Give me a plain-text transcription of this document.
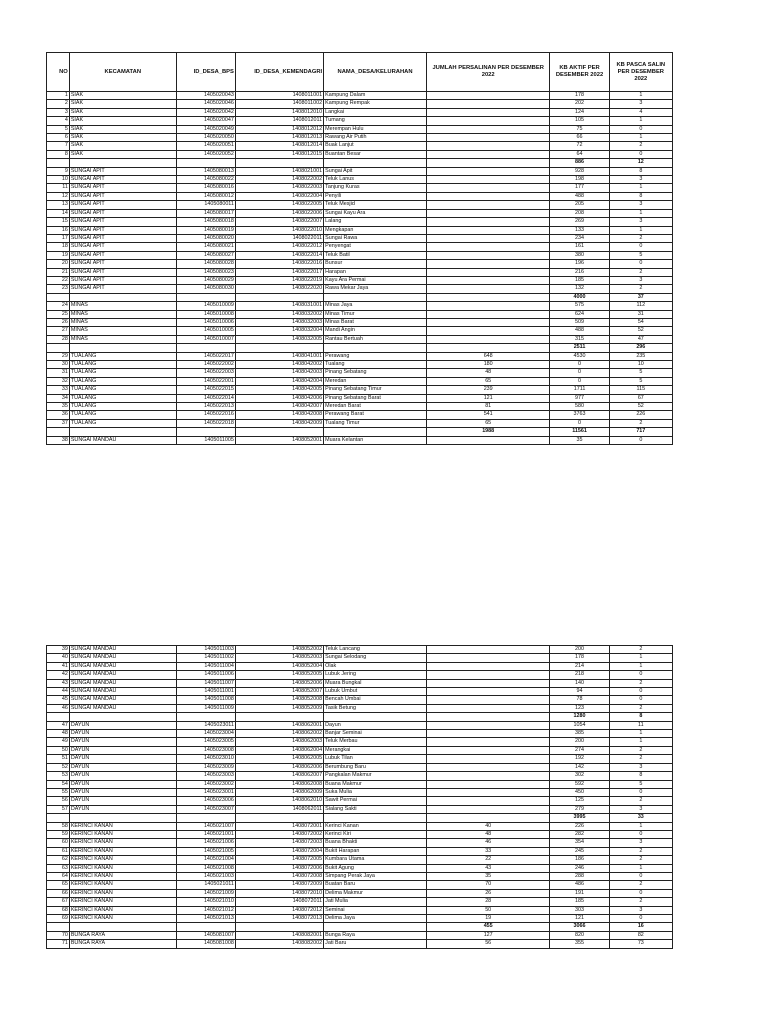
NO	KECAMATAN	ID_DESA_BPS	ID_DESA_KEMENDAGRI	NAMA_DESA/KELURAHAN	JUMLAH PERSALINAN PER DESEMBER 2022	KB AKTIF PER DESEMBER 2022	KB PASCA SALIN PER DESEMBER 2022
1	SIAK	1405020043	1408011001	Kampung Dalam		178	1
2	SIAK	1405020046	1408011002	Kampung Rempak		202	3
3	SIAK	1405020042	1408012010	Langkai		124	4
4	SIAK	1405020047	1408012011	Tumang		105	1
5	SIAK	1405020049	1408012012	Merempan Hulu		75	0
6	SIAK	1405020050	1408012013	Rawang Air Putih		66	1
7	SIAK	1405020051	1408012014	Buak Lanjut		72	2
8	SIAK	1405020052	1408012015	Buantan Besar		64	0
						886	12
9	SUNGAI APIT	1405080013	1408021001	Sungai Apit		928	8
10	SUNGAI APIT	1405080022	1408022002	Teluk Lanus		198	3
11	SUNGAI APIT	1405080016	1408022003	Tanjung Kuras		177	1
12	SUNGAI APIT	1405080012	1408022004	Penyili		488	8
13	SUNGAI APIT	1405080011	1408022005	Teluk Mesjid		205	3
14	SUNGAI APIT	1405080017	1408022006	Sungai Kayu Ara		208	1
15	SUNGAI APIT	1405080018	1408022007	Lalang		269	3
16	SUNGAI APIT	1405080019	1408022010	Mengkapan		133	1
17	SUNGAI APIT	1405080020	1408022011	Sungai Rawa		234	2
18	SUNGAI APIT	1405080021	1408022012	Penyengat		161	0
19	SUNGAI APIT	1405080027	1408022014	Teluk Batil		380	5
20	SUNGAI APIT	1405080028	1408022016	Bunsur		196	0
21	SUNGAI APIT	1405080023	1408022017	Harapan		216	2
22	SUNGAI APIT	1405080029	1408022019	Kayu Ara Permai		185	3
23	SUNGAI APIT	1405080030	1408022020	Rawa Mekar Jaya		132	2
						4000	37
24	MINAS	1405010009	1408031001	Minas Jaya		575	112
25	MINAS	1405010008	1408032002	Minas Timur		624	31
26	MINAS	1405010006	1408032003	Minas Barat		509	54
27	MINAS	1405010005	1408032004	Mandi Angin		488	52
28	MINAS	1405010007	1408032005	Rantau Bertuah		315	47
						2511	296
29	TUALANG	1405022017	1408041001	Perawang	648	4530	235
30	TUALANG	1405022002	1408042002	Tualang	180	0	10
31	TUALANG	1405022003	1408042003	Pinang Sebatang	48	0	5
32	TUALANG	1405022001	1408042004	Meredan	65	0	5
33	TUALANG	1405022015	1408042005	Pinang Sebatang Timur	239	1711	115
34	TUALANG	1405022014	1408042006	Pinang Sebatang Barat	121	977	67
35	TUALANG	1405022013	1408042007	Meredan Barat	81	580	52
36	TUALANG	1405022016	1408042008	Perawang Barat	541	3763	226
37	TUALANG	1405022018	1408042009	Tualang Timur	65	0	2
					1988	11561	717
38	SUNGAI MANDAU	1405011005	1408052001	Muara Kelantan		35	0
39	SUNGAI MANDAU	1405011003	1408052002	Teluk Lancang		200	2
40	SUNGAI MANDAU	1405011002	1408052003	Sungai Selodang		178	1
41	SUNGAI MANDAU	1405011004	1408052004	Olak		214	1
42	SUNGAI MANDAU	1405011006	1408052005	Lubuk Jering		218	0
43	SUNGAI MANDAU	1405011007	1408052006	Muara Bungkal		140	2
44	SUNGAI MANDAU	1405011001	1408052007	Lubuk Umbut		94	0
45	SUNGAI MANDAU	1405011008	1408052008	Bencah Umbai		78	0
46	SUNGAI MANDAU	1405011009	1408052009	Tasik Betung		123	2
						1280	8
47	DAYUN	1405023011	1408062001	Dayun		1054	11
48	DAYUN	1405023004	1408062002	Banjar Seminai		385	1
49	DAYUN	1405023005	1408062003	Teluk Merbau		200	1
50	DAYUN	1405023008	1408062004	Merangkai		274	2
51	DAYUN	1405023010	1408062005	Lubuk Tilan		192	2
52	DAYUN	1405023009	1408062006	Berumbung Baru		142	3
53	DAYUN	1405023003	1408062007	Pangkalan Makmur		302	8
54	DAYUN	1405023002	1408062008	Buana Makmur		592	5
55	DAYUN	1405023001	1408062009	Suka Mulia		450	0
56	DAYUN	1405023006	1408062010	Sawit Permai		125	2
57	DAYUN	1405023007	1408062011	Sialang Sakti		279	3
						3995	33
58	KERINCI KANAN	1405021007	1408072001	Kerinci Kanan	40	226	1
59	KERINCI KANAN	1405021001	1408072002	Kerinci Kiri	48	282	0
60	KERINCI KANAN	1405021006	1408072003	Buana Bhakti	46	354	3
61	KERINCI KANAN	1405021005	1408072004	Bukit Harapan	33	245	2
62	KERINCI KANAN	1405021004	1408072005	Kumbara Utama	22	186	2
63	KERINCI KANAN	1405021008	1408072006	Bukit Agung	43	246	1
64	KERINCI KANAN	1405021003	1408072008	Simpang Perak Jaya	35	288	0
65	KERINCI KANAN	1405021011	1408072009	Buatan Baru	70	486	2
66	KERINCI KANAN	1405021009	1408072010	Delima Makmur	26	191	0
67	KERINCI KANAN	1405021010	1408072011	Jati Mulia	28	185	2
68	KERINCI KANAN	1405021012	1408072012	Seminai	50	303	3
69	KERINCI KANAN	1405021013	1408072013	Delima Jaya	19	121	0
					455	3066	16
70	BUNGA RAYA	1405081007	1408082001	Bunga Raya	127	820	82
71	BUNGA RAYA	1405081008	1408082002	Jati Baru	56	355	73
